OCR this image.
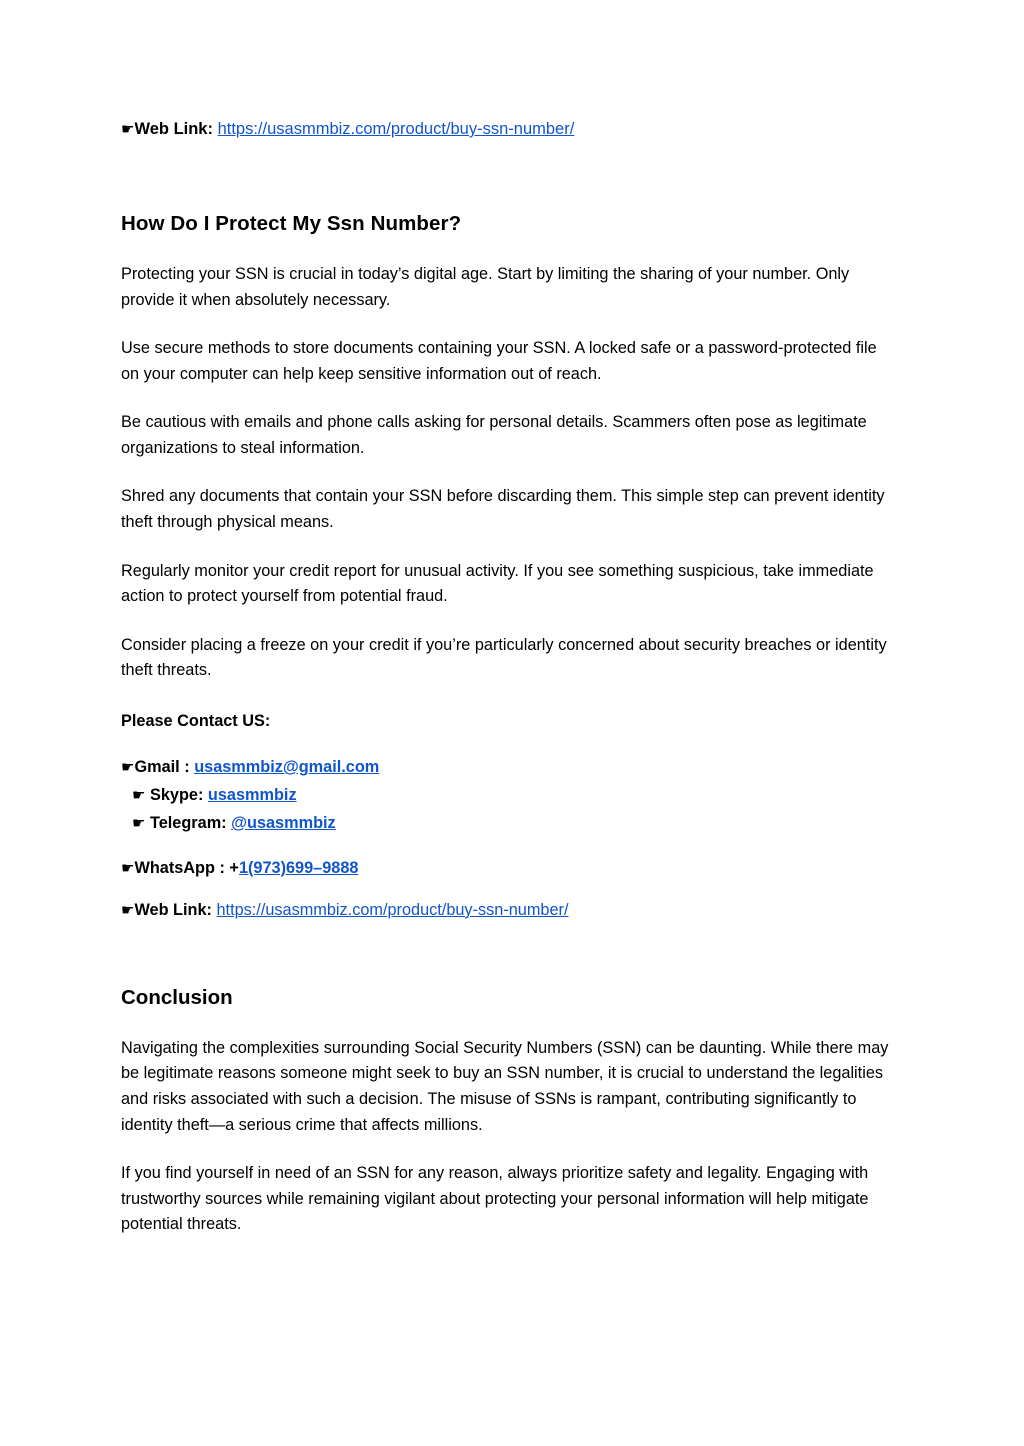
☛Web Link: https://usasmmbiz.com/product/buy-ssn-number/
How Do I Protect My Ssn Number?

Protecting your SSN is crucial in today’s digital age. Start by limiting the sharing of your number. Only provide it when absolutely necessary.

Use secure methods to store documents containing your SSN. A locked safe or a password-protected file on your computer can help keep sensitive information out of reach.

Be cautious with emails and phone calls asking for personal details. Scammers often pose as legitimate organizations to steal information.

Shred any documents that contain your SSN before discarding them. This simple step can prevent identity theft through physical means.

Regularly monitor your credit report for unusual activity. If you see something suspicious, take immediate action to protect yourself from potential fraud.

Consider placing a freeze on your credit if you’re particularly concerned about security breaches or identity theft threats.

Please Contact US:
☛Gmail : usasmmbiz@gmail.com
☛ Skype: usasmmbiz
☛ Telegram: @usasmmbiz
☛WhatsApp : +1(973)699–9888
☛Web Link: https://usasmmbiz.com/product/buy-ssn-number/
Conclusion

Navigating the complexities surrounding Social Security Numbers (SSN) can be daunting. While there may be legitimate reasons someone might seek to buy an SSN number, it is crucial to understand the legalities and risks associated with such a decision. The misuse of SSNs is rampant, contributing significantly to identity theft—a serious crime that affects millions.

If you find yourself in need of an SSN for any reason, always prioritize safety and legality. Engaging with trustworthy sources while remaining vigilant about protecting your personal information will help mitigate potential threats.
